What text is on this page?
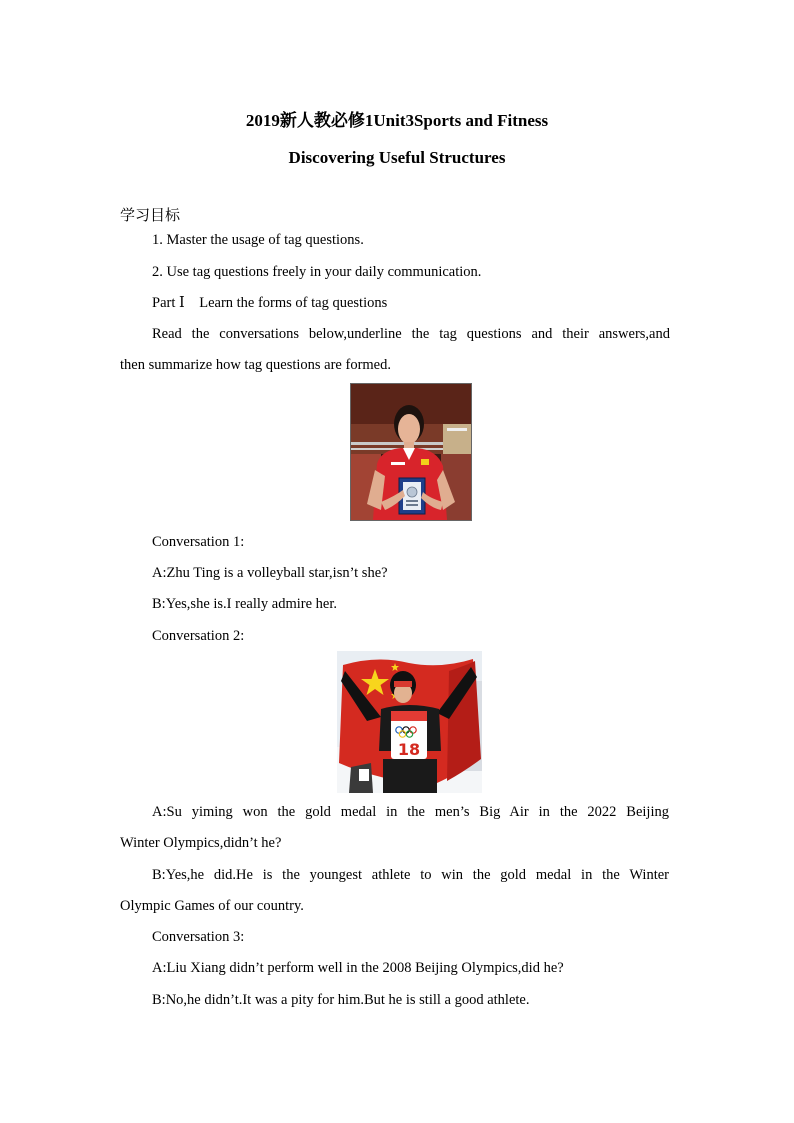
2019新人教必修1Unit3Sports and Fitness
Discovering Useful Structures
学习目标
1. Master the usage of tag questions.
2. Use tag questions freely in your daily communication.
Part Ⅰ    Learn the forms of tag questions
Read the conversations below,underline the tag questions and their answers,and
then summarize how tag questions are formed.
Conversation 1:
A:Zhu Ting is a volleyball star,isn’t she?
B:Yes,she is.I really admire her.
Conversation 2:
18
A:Su yiming won the gold medal in the men’s Big Air in the 2022 Beijing
Winter Olympics,didn’t he?
B:Yes,he did.He is the youngest athlete to win the gold medal in the Winter
Olympic Games of our country.
Conversation 3:
A:Liu Xiang didn’t perform well in the 2008 Beijing Olympics,did he?
B:No,he didn’t.It was a pity for him.But he is still a good athlete.
